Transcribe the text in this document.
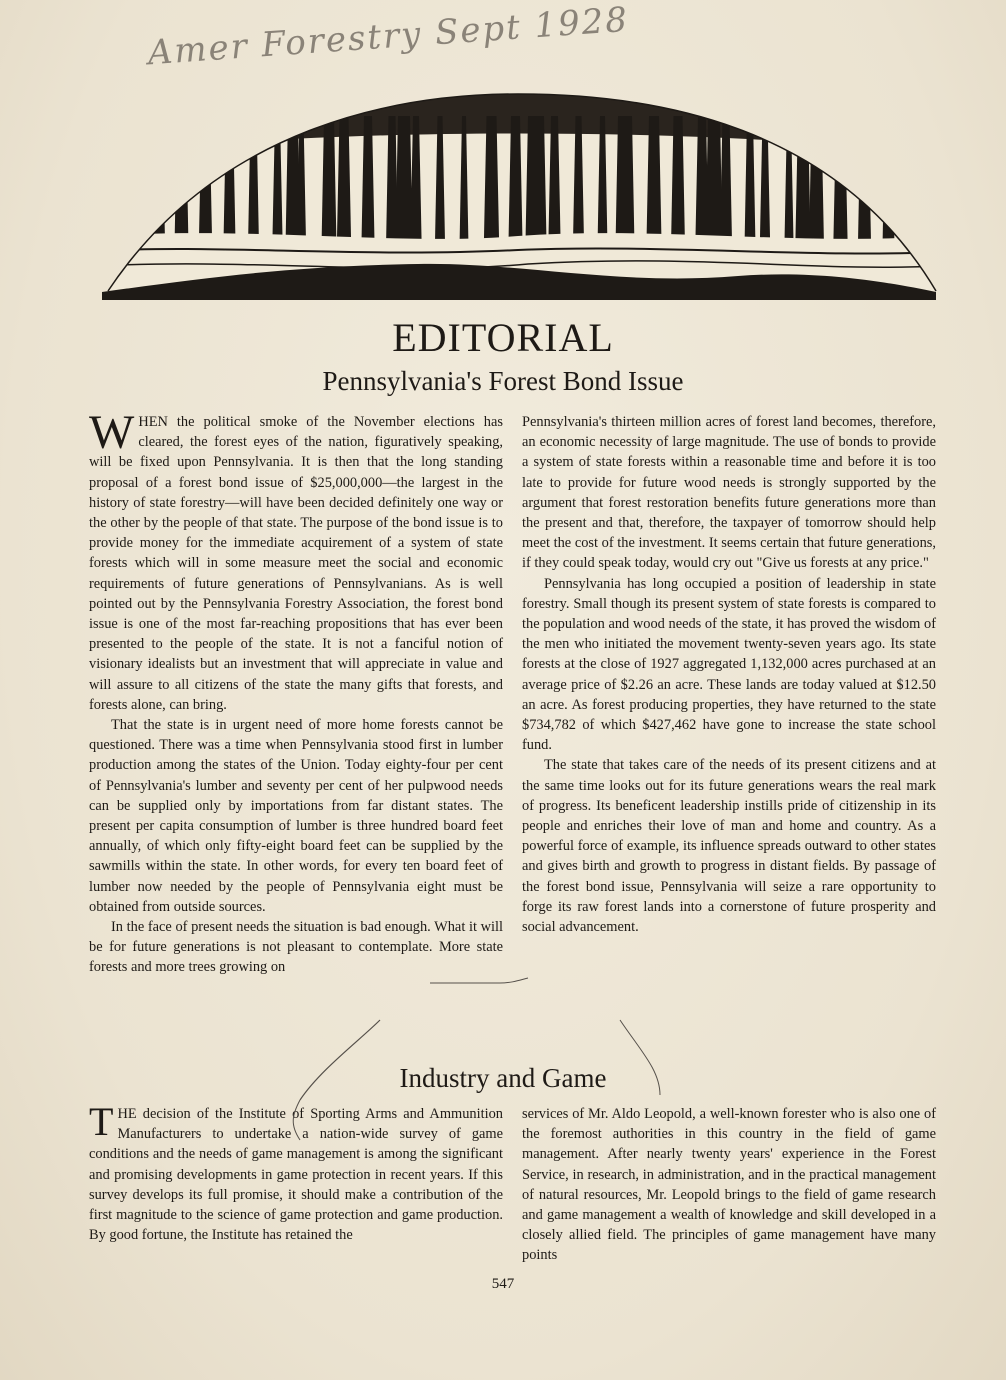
Amer Forestry Sept 1928
EDITORIAL
Pennsylvania's Forest Bond Issue

WHEN the political smoke of the November elections has cleared, the forest eyes of the nation, figuratively speaking, will be fixed upon Pennsylvania. It is then that the long standing proposal of a forest bond issue of $25,000,000—the largest in the history of state forestry—will have been decided definitely one way or the other by the people of that state. The purpose of the bond issue is to provide money for the immediate acquirement of a system of state forests which will in some measure meet the social and economic requirements of future generations of Pennsylvanians. As is well pointed out by the Pennsylvania Forestry Association, the forest bond issue is one of the most far-reaching propositions that has ever been presented to the people of the state. It is not a fanciful notion of visionary idealists but an investment that will appreciate in value and will assure to all citizens of the state the many gifts that forests, and forests alone, can bring.

That the state is in urgent need of more home forests cannot be questioned. There was a time when Pennsylvania stood first in lumber production among the states of the Union. Today eighty-four per cent of Pennsylvania's lumber and seventy per cent of her pulpwood needs can be supplied only by importations from far distant states. The present per capita consumption of lumber is three hundred board feet annually, of which only fifty-eight board feet can be supplied by the sawmills within the state. In other words, for every ten board feet of lumber now needed by the people of Pennsylvania eight must be obtained from outside sources.

In the face of present needs the situation is bad enough. What it will be for future generations is not pleasant to contemplate. More state forests and more trees growing on

Pennsylvania's thirteen million acres of forest land becomes, therefore, an economic necessity of large magnitude. The use of bonds to provide a system of state forests within a reasonable time and before it is too late to provide for future wood needs is strongly supported by the argument that forest restoration benefits future generations more than the present and that, therefore, the taxpayer of tomorrow should help meet the cost of the investment. It seems certain that future generations, if they could speak today, would cry out "Give us forests at any price."

Pennsylvania has long occupied a position of leadership in state forestry. Small though its present system of state forests is compared to the population and wood needs of the state, it has proved the wisdom of the men who initiated the movement twenty-seven years ago. Its state forests at the close of 1927 aggregated 1,132,000 acres purchased at an average price of $2.26 an acre. These lands are today valued at $12.50 an acre. As forest producing properties, they have returned to the state $734,782 of which $427,462 have gone to increase the state school fund.

The state that takes care of the needs of its present citizens and at the same time looks out for its future generations wears the real mark of progress. Its beneficent leadership instills pride of citizenship in its people and enriches their love of man and home and country. As a powerful force of example, its influence spreads outward to other states and gives birth and growth to progress in distant fields. By passage of the forest bond issue, Pennsylvania will seize a rare opportunity to forge its raw forest lands into a cornerstone of future prosperity and social advancement.

Industry and Game

THE decision of the Institute of Sporting Arms and Ammunition Manufacturers to undertake a nation-wide survey of game conditions and the needs of game management is among the significant and promising developments in game protection in recent years. If this survey develops its full promise, it should make a contribution of the first magnitude to the science of game protection and game production. By good fortune, the Institute has retained the

services of Mr. Aldo Leopold, a well-known forester who is also one of the foremost authorities in this country in the field of game management. After nearly twenty years' experience in the Forest Service, in research, in administration, and in the practical management of natural resources, Mr. Leopold brings to the field of game research and game management a wealth of knowledge and skill developed in a closely allied field. The principles of game management have many points

547
